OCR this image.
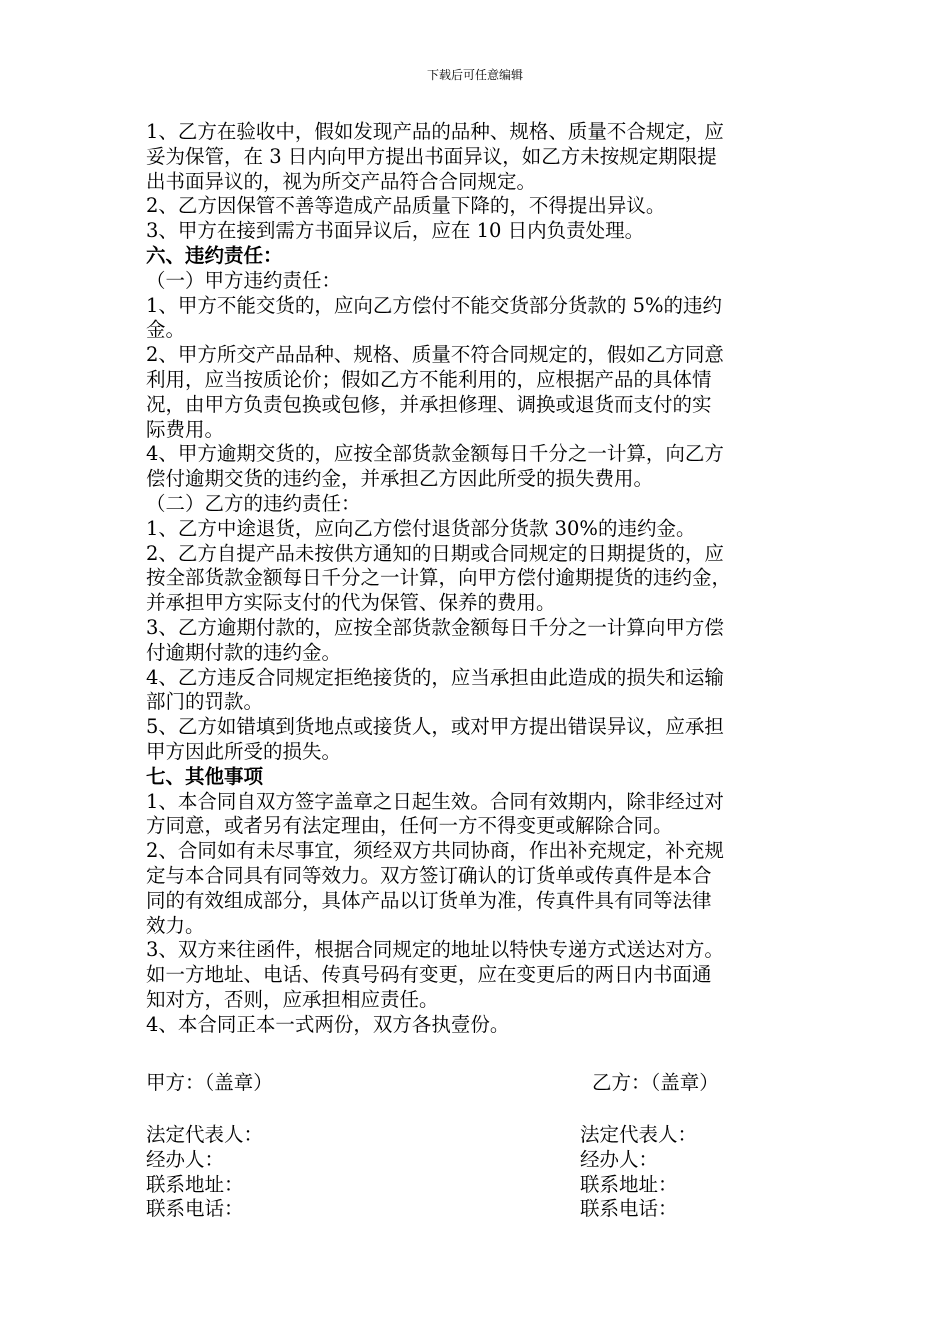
下载后可任意编辑
1、乙方在验收中，假如发现产品的品种、规格、质量不合规定，应
妥为保管，在 3 日内向甲方提出书面异议，如乙方未按规定期限提
出书面异议的，视为所交产品符合合同规定。
2、乙方因保管不善等造成产品质量下降的，不得提出异议。
3、甲方在接到需方书面异议后，应在 10 日内负责处理。
六、违约责任：
（一）甲方违约责任：
1、甲方不能交货的，应向乙方偿付不能交货部分货款的 5%的违约
金。
2、甲方所交产品品种、规格、质量不符合同规定的，假如乙方同意
利用，应当按质论价；假如乙方不能利用的，应根据产品的具体情
况，由甲方负责包换或包修，并承担修理、调换或退货而支付的实
际费用。
4、甲方逾期交货的，应按全部货款金额每日千分之一计算，向乙方
偿付逾期交货的违约金，并承担乙方因此所受的损失费用。
（二）乙方的违约责任：
1、乙方中途退货，应向乙方偿付退货部分货款 30%的违约金。
2、乙方自提产品未按供方通知的日期或合同规定的日期提货的，应
按全部货款金额每日千分之一计算，向甲方偿付逾期提货的违约金，
并承担甲方实际支付的代为保管、保养的费用。
3、乙方逾期付款的，应按全部货款金额每日千分之一计算向甲方偿
付逾期付款的违约金。
4、乙方违反合同规定拒绝接货的，应当承担由此造成的损失和运输
部门的罚款。
5、乙方如错填到货地点或接货人，或对甲方提出错误异议，应承担
甲方因此所受的损失。
七、其他事项
1、本合同自双方签字盖章之日起生效。合同有效期内，除非经过对
方同意，或者另有法定理由，任何一方不得变更或解除合同。
2、合同如有未尽事宜，须经双方共同协商，作出补充规定，补充规
定与本合同具有同等效力。双方签订确认的订货单或传真件是本合
同的有效组成部分，具体产品以订货单为准，传真件具有同等法律
效力。
3、双方来往函件，根据合同规定的地址以特快专递方式送达对方。
如一方地址、电话、传真号码有变更，应在变更后的两日内书面通
知对方，否则，应承担相应责任。
4、本合同正本一式两份，双方各执壹份。
甲方：（盖章）	乙方：（盖章）
法定代表人：	法定代表人：
经办人：	经办人：
联系地址：	联系地址：
联系电话：	联系电话：
